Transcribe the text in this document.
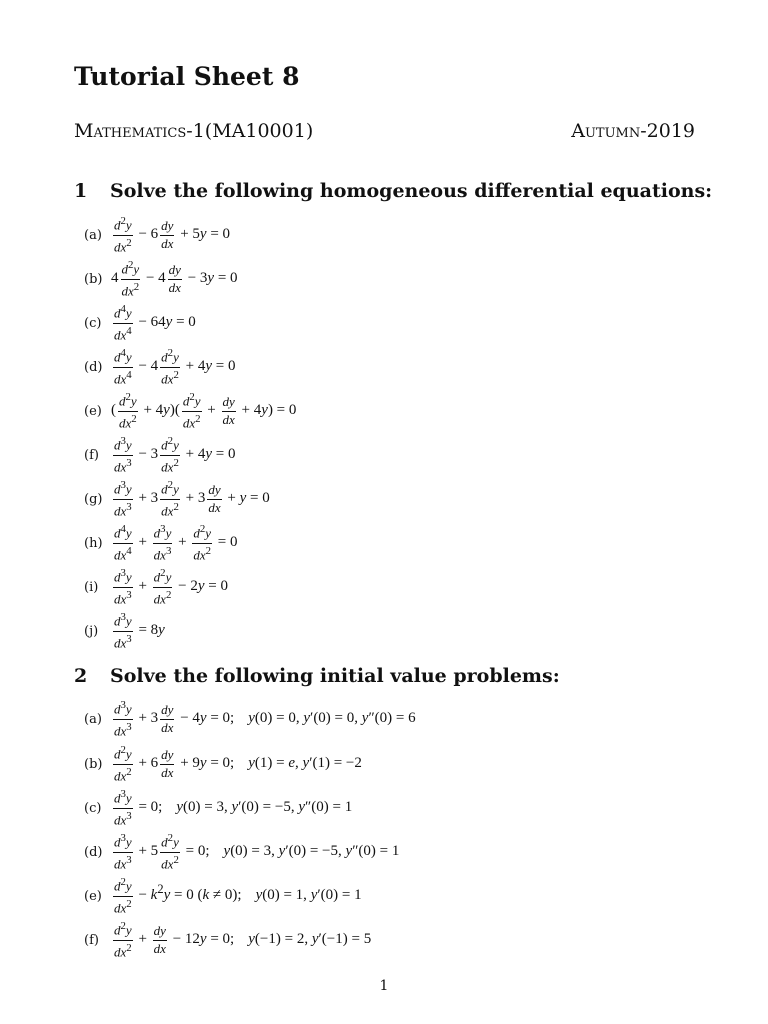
Tutorial Sheet 8
Mathematics-1(MA10001)	Autumn-2019
1 Solve the following homogeneous differential equations:
$(a) \frac{d^2y}{dx^2} - 6 \frac{dy}{dx} + 5y = 0$
(b) $4 \frac{d^2y}{dx^2} - 4 \frac{dy}{dx} - 3y = 0$
$(c) \frac{d^4y}{dx^4} - 64y = 0$
$(d) \frac{d^4y}{dx^4} - 4 \frac{d^2y}{dx^2} + 4y = 0$
(e) ( $\frac{d^2y}{dx^2} + 4y)( \frac{d^2y}{dx^2} + \frac{dy}{dx} + 4y) = 0$
(f)	$\frac{d^3y}{dx^3} - 3 \frac{d^2y}{dx^2} + 4y = 0$
$(g) \frac{d^3y}{dx^3} + 3 \frac{d^2y}{dx^2} + 3 \frac{dy}{dx} + y = 0$
$(h) \frac{d^4y}{dx^4} + \frac{d^3y}{dx^3} + \frac{d^2y}{dx^2} = 0$
(i)	$\frac{d^3y}{dx^3} + \frac{d^2y}{dx^2} - 2y = 0$
(j)	$\frac{d^3y}{dx^3} = 8y$
2 Solve the following initial value problems:
$(a) \frac{d^3y}{dx^3} + 3 \frac{dy}{dx} - 4y = 0$; y(0) = 0, y′(0) = 0, y″(0) = 6
$(b) \frac{d^2y}{dx^2} + 6 \frac{dy}{dx} + 9y = 0$; y(1) = e, y′(1) = −2
$(c) \frac{d^3y}{dx^3} = 0$; y(0) = 3, y′(0) = −5, y″(0) = 1
$(d) \frac{d^3y}{dx^3} + 5 \frac{d^2y}{dx^2} = 0$; y(0) = 3, y′(0) = −5, y″(0) = 1
$(e) \frac{d^2y}{dx^2} - k^2y = 0$ (k ≠ 0); y(0) = 1, y′(0) = 1
(f)	$\frac{d^2y}{dx^2} + \frac{dy}{dx} - 12y = 0$; y(−1) = 2, y′(−1) = 5
1
